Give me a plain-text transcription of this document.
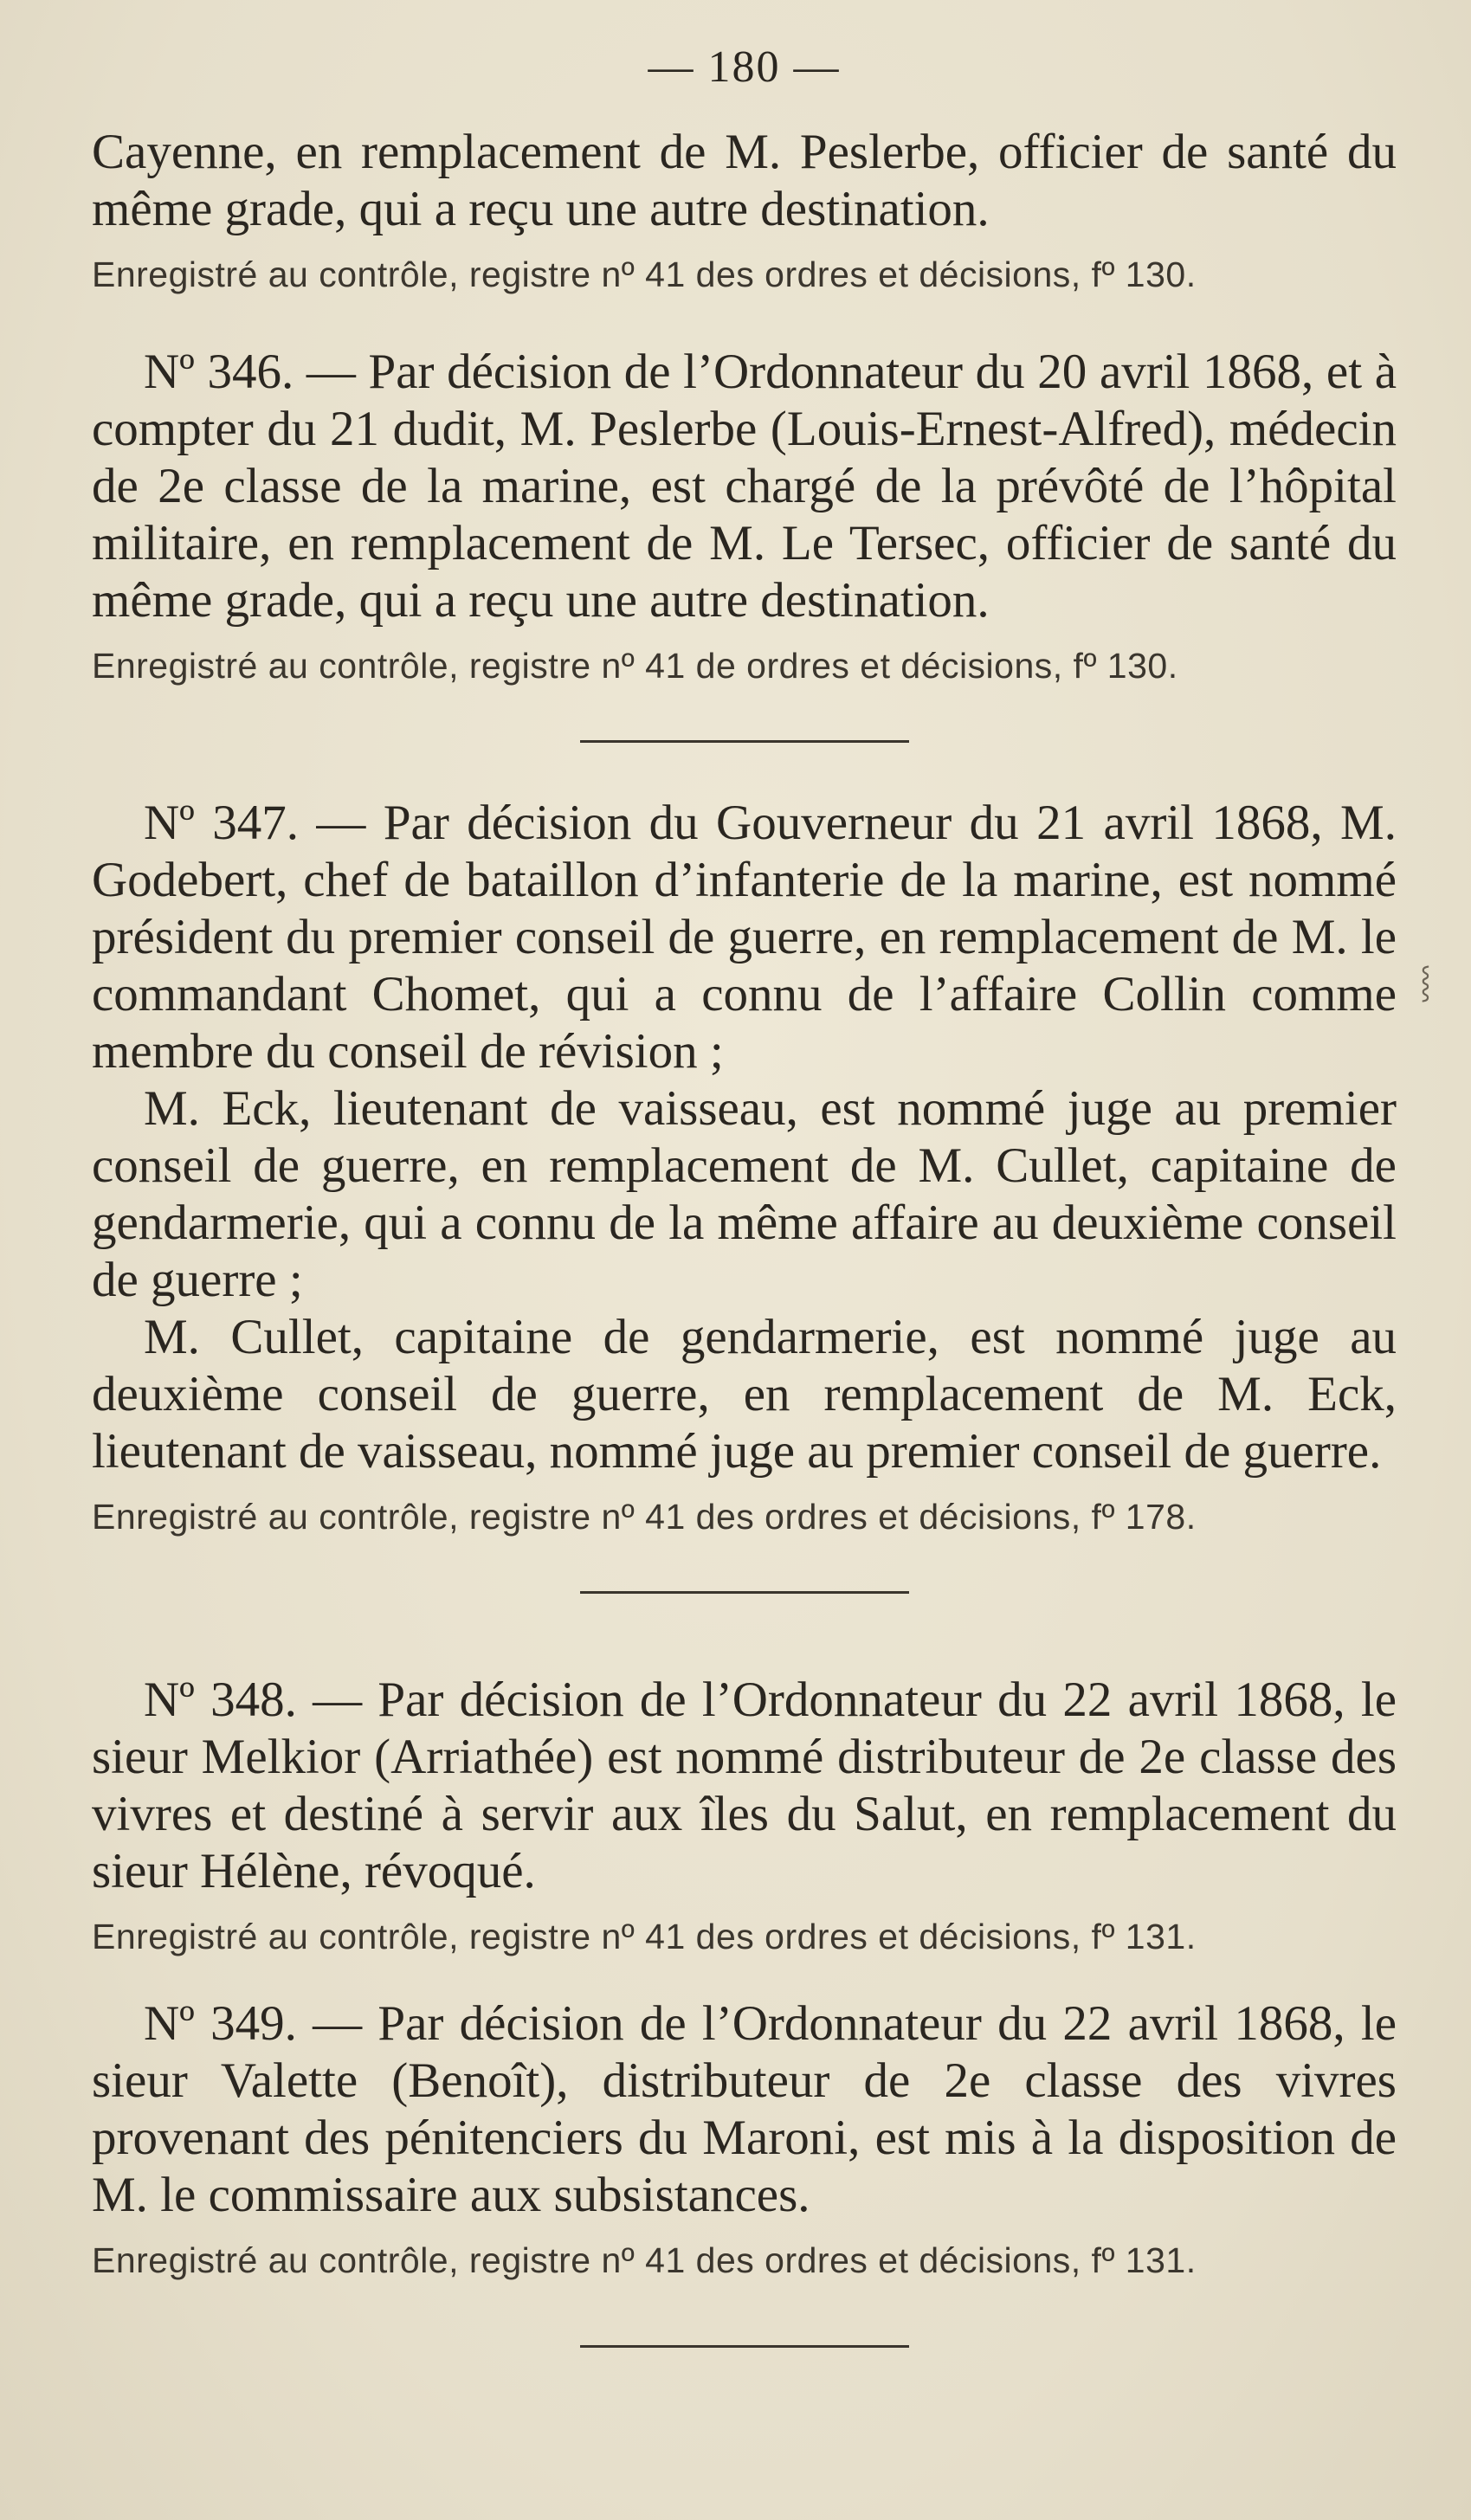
— 180 —

Cayenne, en remplacement de M. Peslerbe, officier de santé du même grade, qui a reçu une autre destination.

Enregistré au contrôle, registre nº 41 des ordres et décisions, fº 130.

Nº 346. — Par décision de l’Ordonnateur du 20 avril 1868, et à compter du 21 dudit, M. Peslerbe (Louis-Ernest-Alfred), médecin de 2e classe de la marine, est chargé de la prévôté de l’hôpital militaire, en remplacement de M. Le Tersec, officier de santé du même grade, qui a reçu une autre destination.

Enregistré au contrôle, registre nº 41 de ordres et décisions, fº 130.

Nº 347. — Par décision du Gouverneur du 21 avril 1868, M. Godebert, chef de bataillon d’infanterie de la marine, est nommé président du premier conseil de guerre, en remplacement de M. le commandant Chomet, qui a connu de l’affaire Collin comme membre du conseil de révision ;

M. Eck, lieutenant de vaisseau, est nommé juge au premier conseil de guerre, en remplacement de M. Cullet, capitaine de gendarmerie, qui a connu de la même affaire au deuxième conseil de guerre ;

M. Cullet, capitaine de gendarmerie, est nommé juge au deuxième conseil de guerre, en remplacement de M. Eck, lieutenant de vaisseau, nommé juge au premier conseil de guerre.

Enregistré au contrôle, registre nº 41 des ordres et décisions, fº 178.

Nº 348. — Par décision de l’Ordonnateur du 22 avril 1868, le sieur Melkior (Arriathée) est nommé distributeur de 2e classe des vivres et destiné à servir aux îles du Salut, en remplacement du sieur Hélène, révoqué.

Enregistré au contrôle, registre nº 41 des ordres et décisions, fº 131.

Nº 349. — Par décision de l’Ordonnateur du 22 avril 1868, le sieur Valette (Benoît), distributeur de 2e classe des vivres provenant des pénitenciers du Maroni, est mis à la disposition de M. le commissaire aux subsistances.

Enregistré au contrôle, registre nº 41 des ordres et décisions, fº 131.

⸾
